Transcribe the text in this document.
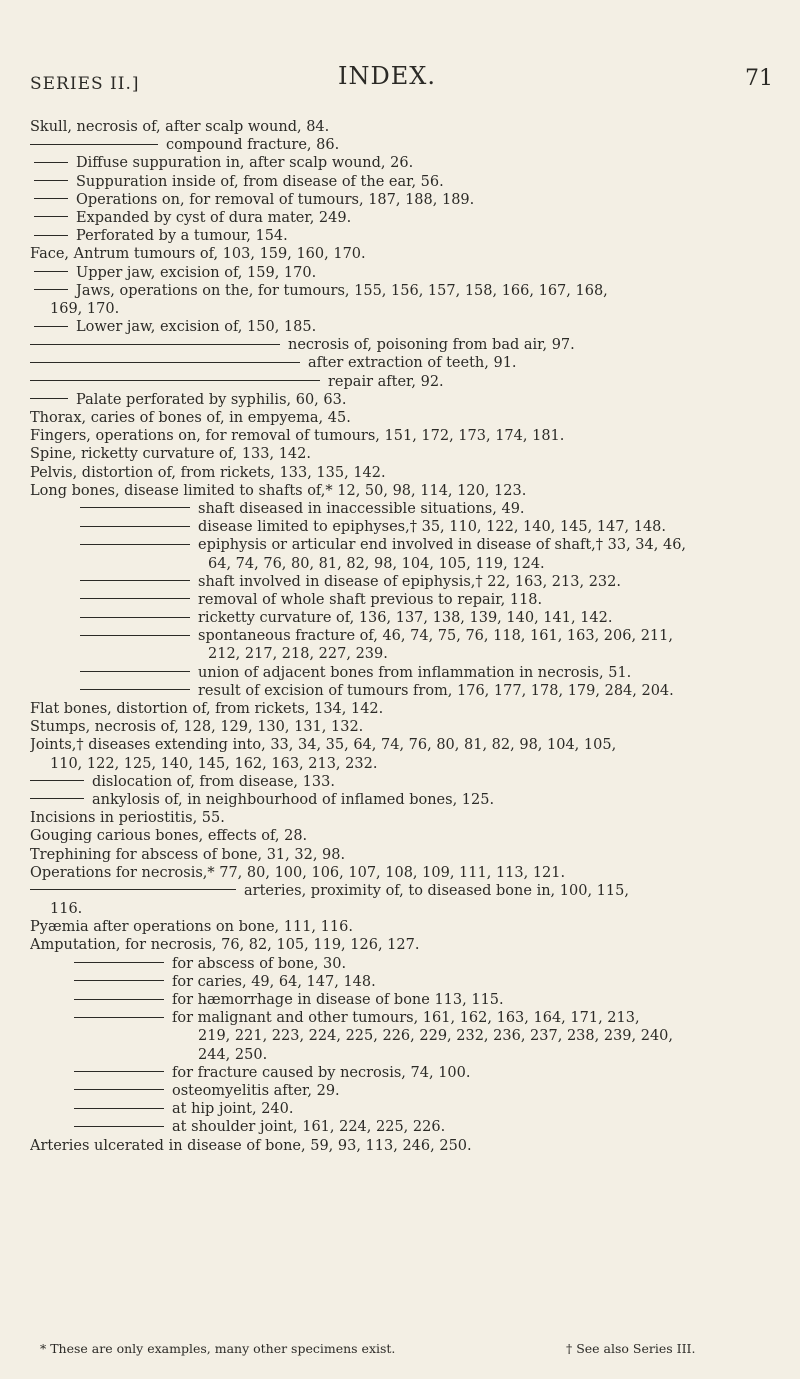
SERIES II.]	INDEX.	71
Skull, necrosis of, after scalp wound, 84.
compound fracture, 86.
Diffuse suppuration in, after scalp wound, 26.
Suppuration inside of, from disease of the ear, 56.
Operations on, for removal of tumours, 187, 188, 189.
Expanded by cyst of dura mater, 249.
Perforated by a tumour, 154.
Face, Antrum tumours of, 103, 159, 160, 170.
Upper jaw, excision of, 159, 170.
Jaws, operations on the, for tumours, 155, 156, 157, 158, 166, 167, 168,
169, 170.
Lower jaw, excision of, 150, 185.
necrosis of, poisoning from bad air, 97.
after extraction of teeth, 91.
repair after, 92.
Palate perforated by syphilis, 60, 63.
Thorax, caries of bones of, in empyema, 45.
Fingers, operations on, for removal of tumours, 151, 172, 173, 174, 181.
Spine, ricketty curvature of, 133, 142.
Pelvis, distortion of, from rickets, 133, 135, 142.
Long bones, disease limited to shafts of,* 12, 50, 98, 114, 120, 123.
shaft diseased in inaccessible situations, 49.
disease limited to epiphyses,† 35, 110, 122, 140, 145, 147, 148.
epiphysis or articular end involved in disease of shaft,† 33, 34, 46,
64, 74, 76, 80, 81, 82, 98, 104, 105, 119, 124.
shaft involved in disease of epiphysis,† 22, 163, 213, 232.
removal of whole shaft previous to repair, 118.
ricketty curvature of, 136, 137, 138, 139, 140, 141, 142.
spontaneous fracture of, 46, 74, 75, 76, 118, 161, 163, 206, 211,
212, 217, 218, 227, 239.
union of adjacent bones from inflammation in necrosis, 51.
result of excision of tumours from, 176, 177, 178, 179, 284, 204.
Flat bones, distortion of, from rickets, 134, 142.
Stumps, necrosis of, 128, 129, 130, 131, 132.
Joints,† diseases extending into, 33, 34, 35, 64, 74, 76, 80, 81, 82, 98, 104, 105,
110, 122, 125, 140, 145, 162, 163, 213, 232.
dislocation of, from disease, 133.
ankylosis of, in neighbourhood of inflamed bones, 125.
Incisions in periostitis, 55.
Gouging carious bones, effects of, 28.
Trephining for abscess of bone, 31, 32, 98.
Operations for necrosis,* 77, 80, 100, 106, 107, 108, 109, 111, 113, 121.
arteries, proximity of, to diseased bone in, 100, 115,
116.
Pyæmia after operations on bone, 111, 116.
Amputation, for necrosis, 76, 82, 105, 119, 126, 127.
for abscess of bone, 30.
for caries, 49, 64, 147, 148.
for hæmorrhage in disease of bone 113, 115.
for malignant and other tumours, 161, 162, 163, 164, 171, 213,
219, 221, 223, 224, 225, 226, 229, 232, 236, 237, 238, 239, 240,
244, 250.
for fracture caused by necrosis, 74, 100.
osteomyelitis after, 29.
at hip joint, 240.
at shoulder joint, 161, 224, 225, 226.
Arteries ulcerated in disease of bone, 59, 93, 113, 246, 250.
* These are only examples, many other specimens exist.	† See also Series III.
